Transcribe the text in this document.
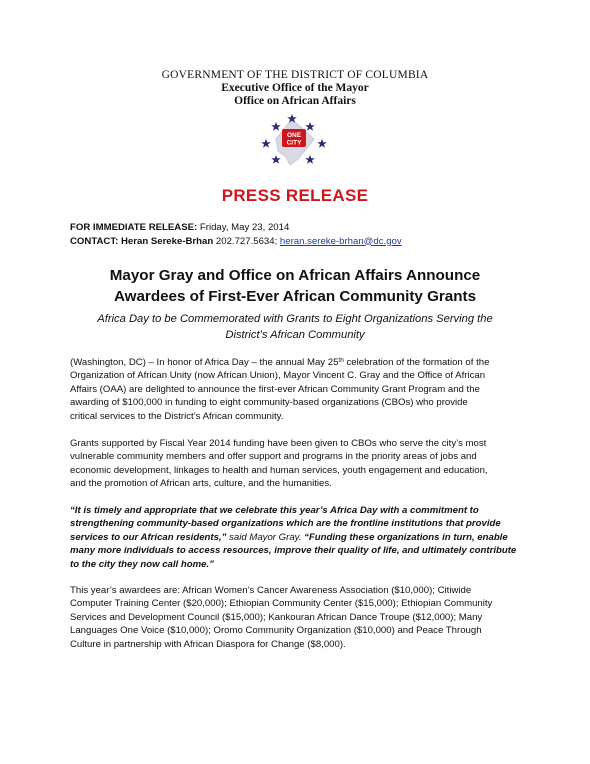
GOVERNMENT OF THE DISTRICT OF COLUMBIA
Executive Office of the Mayor
Office on African Affairs
ONE
CITY
PRESS RELEASE
FOR IMMEDIATE RELEASE: Friday, May 23, 2014
CONTACT: Heran Sereke-Brhan 202.727.5634; heran.sereke-brhan@dc.gov
Mayor Gray and Office on African Affairs Announce
Awardees of First-Ever African Community Grants
Africa Day to be Commemorated with Grants to Eight Organizations Serving the
District’s African Community
(Washington, DC) – In honor of Africa Day – the annual May 25th celebration of the formation of the
Organization of African Unity (now African Union), Mayor Vincent C. Gray and the Office of African
Affairs (OAA) are delighted to announce the first-ever African Community Grant Program and the
awarding of $100,000 in funding to eight community-based organizations (CBOs) who provide
critical services to the District’s African community.
Grants supported by Fiscal Year 2014 funding have been given to CBOs who serve the city’s most
vulnerable community members and offer support and programs in the priority areas of jobs and
economic development, linkages to health and human services, youth engagement and education,
and the promotion of African arts, culture, and the humanities.
“It is timely and appropriate that we celebrate this year’s Africa Day with a commitment to
strengthening community-based organizations which are the frontline institutions that provide
services to our African residents,” said Mayor Gray. “Funding these organizations in turn, enable
many more individuals to access resources, improve their quality of life, and ultimately contribute
to the city they now call home.”
This year’s awardees are: African Women’s Cancer Awareness Association ($10,000); Citiwide
Computer Training Center ($20,000); Ethiopian Community Center ($15,000); Ethiopian Community
Services and Development Council ($15,000); Kankouran African Dance Troupe ($12,000); Many
Languages One Voice ($10,000); Oromo Community Organization ($10,000) and Peace Through
Culture in partnership with African Diaspora for Change ($8,000).
